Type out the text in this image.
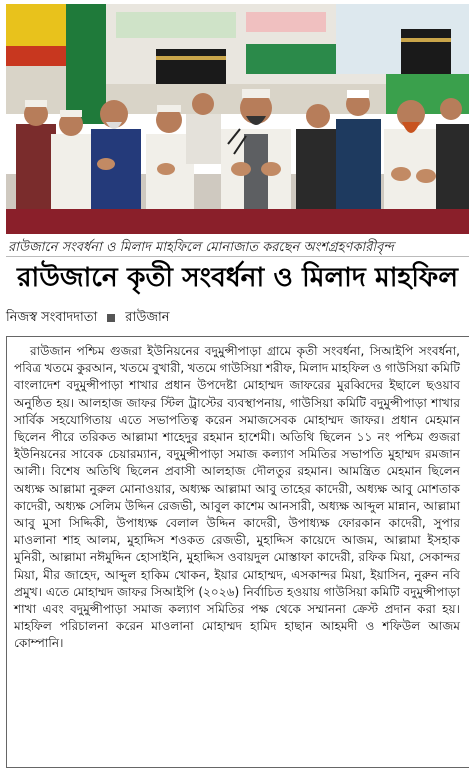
রাউজানে সংবর্ধনা ও মিলাদ মাহফিলে মোনাজাত করছেন অংশগ্রহণকারীবৃন্দ
রাউজানে কৃতী সংবর্ধনা ও মিলাদ মাহফিল
নিজস্ব সংবাদদাতা রাউজান
রাউজান পশ্চিম গুজরা ইউনিয়নের বদুমুন্সীপাড়া গ্রামে কৃতী সংবর্ধনা, সিআইপি সংবর্ধনা, পবিত্র খতমে কুরআন, খতমে বুখারী, খতমে গাউসিয়া শরীফ, মিলাদ মাহফিল ও গাউসিয়া কমিটি বাংলাদেশ বদুমুন্সীপাড়া শাখার প্রধান উপদেষ্টা মোহাম্মদ জাফরের মুরব্বিদের ইছালে ছওয়াব অনুষ্ঠিত হয়। আলহাজ জাফর স্টিল ট্রাস্টের ব্যবস্থাপনায়, গাউসিয়া কমিটি বদুমুন্সীপাড়া শাখার সার্বিক সহযোগিতায় এতে সভাপতিত্ব করেন সমাজসেবক মোহাম্মদ জাফর। প্রধান মেহমান ছিলেন পীরে তরিকত আল্লামা শাহেদুর রহমান হাশেমী। অতিথি ছিলেন ১১ নং পশ্চিম গুজরা ইউনিয়নের সাবেক চেয়ারম্যান, বদুমুন্সীপাড়া সমাজ কল্যাণ সমিতির সভাপতি মুহাম্মদ রমজান আলী। বিশেষ অতিথি ছিলেন প্রবাসী আলহাজ দৌলতুর রহমান। আমন্ত্রিত মেহমান ছিলেন অধ্যক্ষ আল্লামা নুরুল মোনাওয়ার, অধ্যক্ষ আল্লামা আবু তাহের কাদেরী, অধ্যক্ষ আবু মোশতাক কাদেরী, অধ্যক্ষ সেলিম উদ্দিন রেজভী, আবুল কাশেম আনসারী, অধ্যক্ষ আব্দুল মান্নান, আল্লামা আবু মুসা সিদ্দিকী, উপাধ্যক্ষ বেলাল উদ্দিন কাদেরী, উপাধ্যক্ষ ফোরকান কাদেরী, সুপার মাওলানা শাহ আলম, মুহাদ্দিস শওকত রেজভী, মুহাদ্দিস কায়েদে আজম, আল্লামা ইসহাক মুনিরী, আল্লামা নঈমুদ্দিন হোসাইনি, মুহাদ্দিস ওবায়দুল মোস্তাফা কাদেরী, রফিক মিয়া, সেকান্দর মিয়া, মীর জাহেদ, আব্দুল হাকিম খোকন, ইয়ার মোহাম্মদ, এসকান্দর মিয়া, ইয়াসিন, নুরুন নবি প্রমুখ। এতে মোহাম্মদ জাফর সিআইপি (২০২৬) নির্বাচিত হওয়ায় গাউসিয়া কমিটি বদুমুন্সীপাড়া শাখা এবং বদুমুন্সীপাড়া সমাজ কল্যাণ সমিতির পক্ষ থেকে সম্মাননা ক্রেস্ট প্রদান করা হয়। মাহফিল পরিচালনা করেন মাওলানা মোহাম্মদ হামিদ হাছান আহমদী ও শফিউল আজম কোম্পানি।
